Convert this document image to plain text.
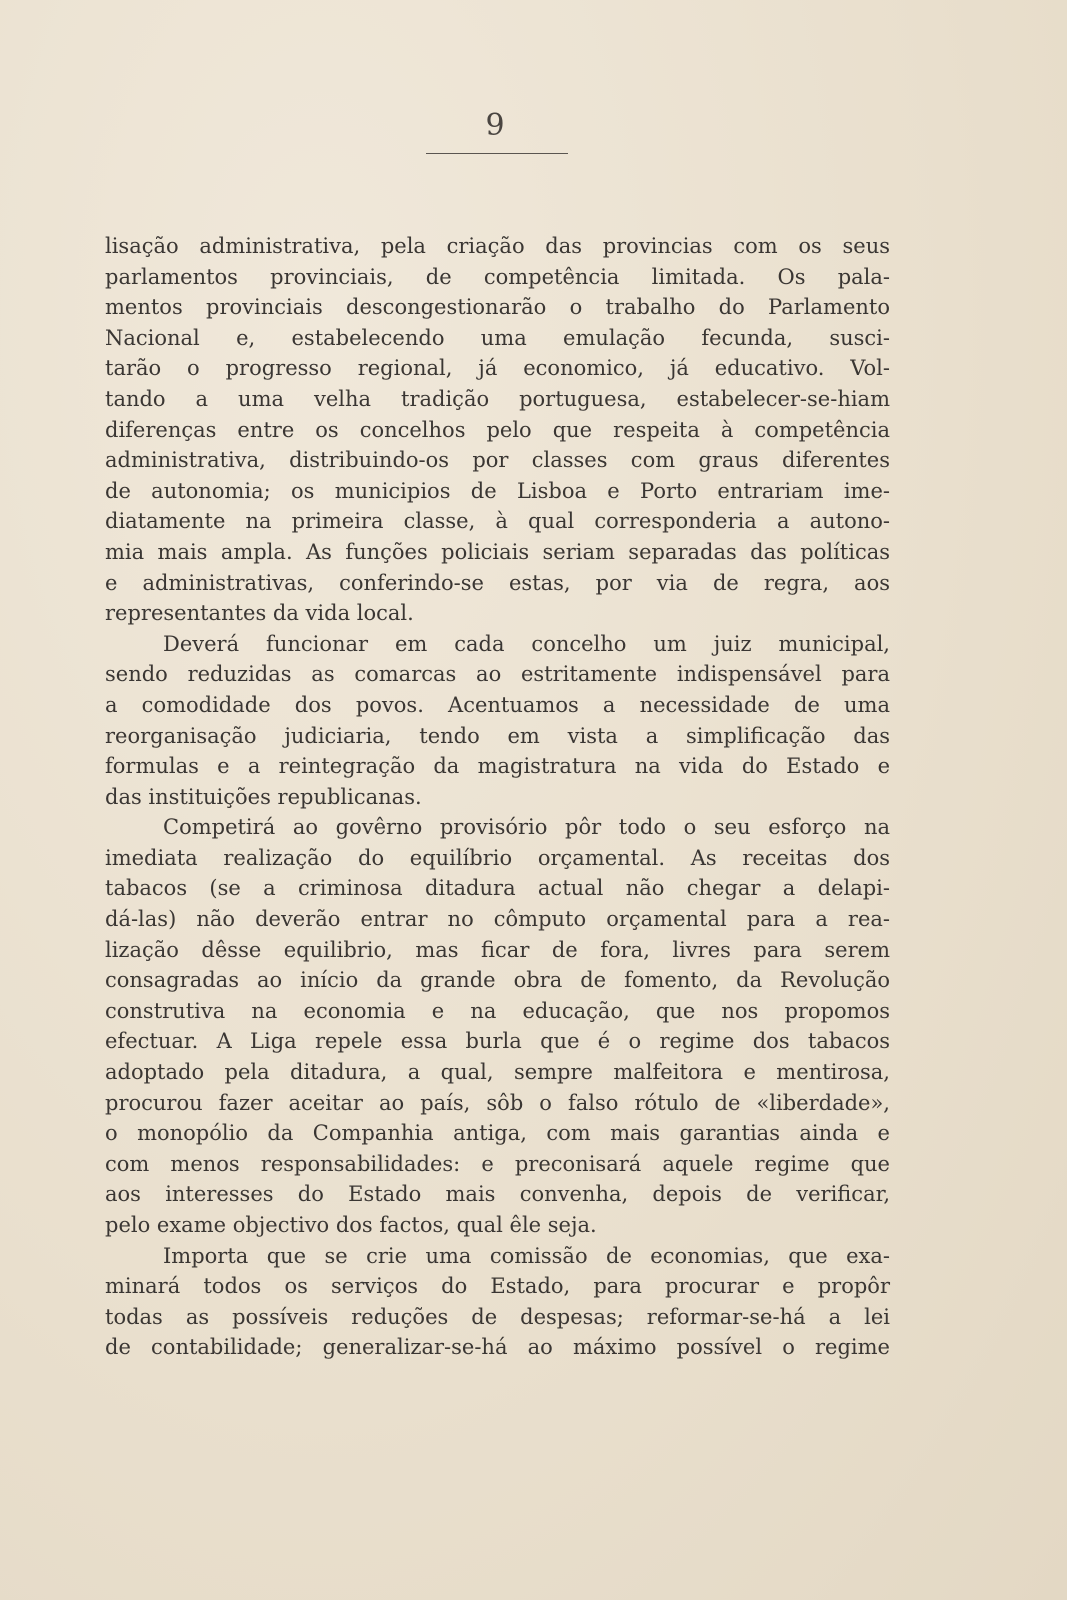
9
lisação administrativa, pela criação das provincias com os seus
parlamentos provinciais, de competência limitada. Os pala-
mentos provinciais descongestionarão o trabalho do Parlamento
Nacional e, estabelecendo uma emulação fecunda, susci-
tarão o progresso regional, já economico, já educativo. Vol-
tando a uma velha tradição portuguesa, estabelecer-se-hiam
diferenças entre os concelhos pelo que respeita à competência
administrativa, distribuindo-os por classes com graus diferentes
de autonomia; os municipios de Lisboa e Porto entrariam ime-
diatamente na primeira classe, à qual corresponderia a autono-
mia mais ampla. As funções policiais seriam separadas das políticas
e administrativas, conferindo-se estas, por via de regra, aos
representantes da vida local.
Deverá funcionar em cada concelho um juiz municipal,
sendo reduzidas as comarcas ao estritamente indispensável para
a comodidade dos povos. Acentuamos a necessidade de uma
reorganisação judiciaria, tendo em vista a simplificação das
formulas e a reintegração da magistratura na vida do Estado e
das instituições republicanas.
Competirá ao govêrno provisório pôr todo o seu esforço na
imediata realização do equilíbrio orçamental. As receitas dos
tabacos (se a criminosa ditadura actual não chegar a delapi-
dá-las) não deverão entrar no cômputo orçamental para a rea-
lização dêsse equilibrio, mas ficar de fora, livres para serem
consagradas ao início da grande obra de fomento, da Revolução
construtiva na economia e na educação, que nos propomos
efectuar. A Liga repele essa burla que é o regime dos tabacos
adoptado pela ditadura, a qual, sempre malfeitora e mentirosa,
procurou fazer aceitar ao país, sôb o falso rótulo de «liberdade»,
o monopólio da Companhia antiga, com mais garantias ainda e
com menos responsabilidades: e preconisará aquele regime que
aos interesses do Estado mais convenha, depois de verificar,
pelo exame objectivo dos factos, qual êle seja.
Importa que se crie uma comissão de economias, que exa-
minará todos os serviços do Estado, para procurar e propôr
todas as possíveis reduções de despesas; reformar-se-há a lei
de contabilidade; generalizar-se-há ao máximo possível o regime
